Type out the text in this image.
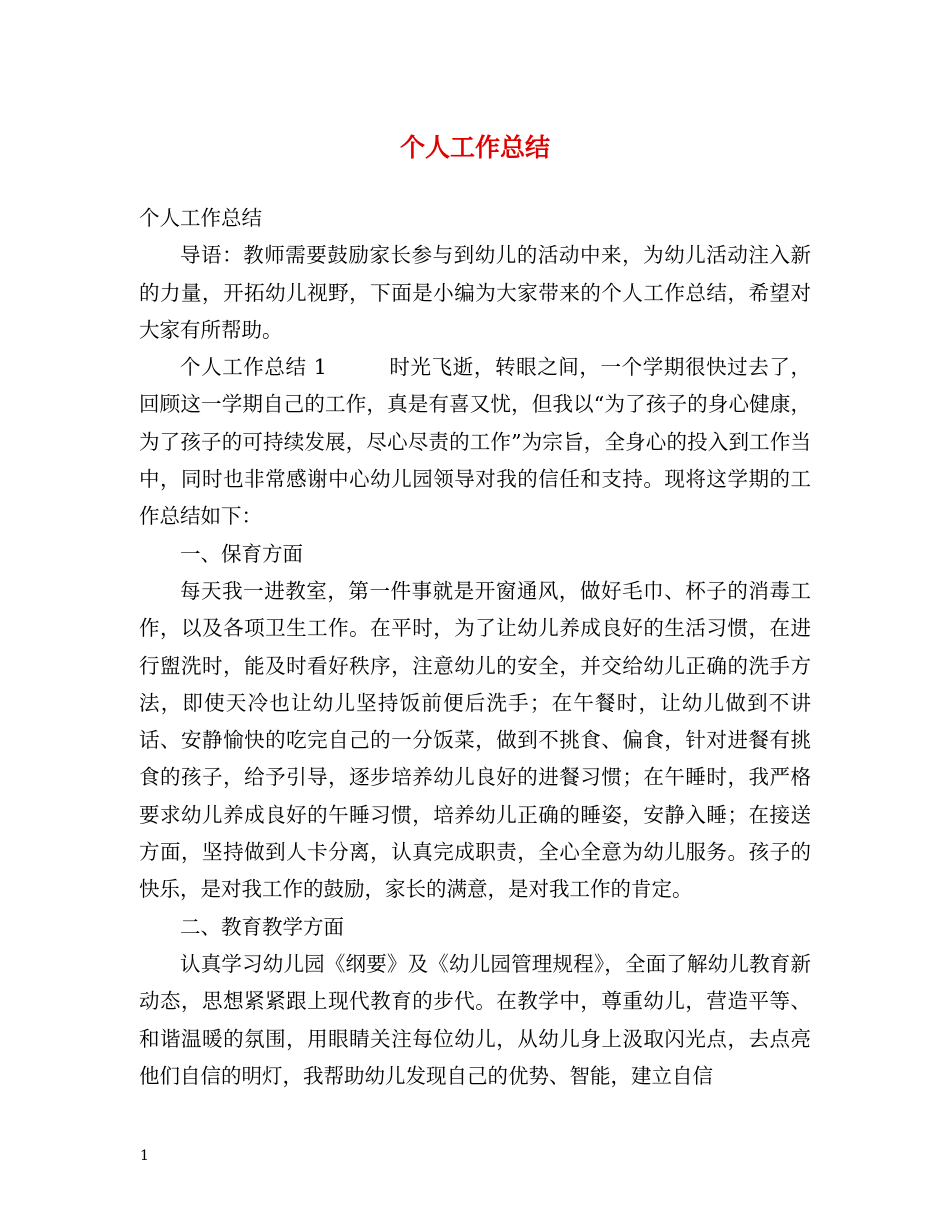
个人工作总结

个人工作总结

导语：教师需要鼓励家长参与到幼儿的活动中来，为幼儿活动注入新的力量，开拓幼儿视野，下面是小编为大家带来的个人工作总结，希望对大家有所帮助。

个人工作总结 1	时光飞逝，转眼之间，一个学期很快过去了，回顾这一学期自己的工作，真是有喜又忧，但我以“为了孩子的身心健康，为了孩子的可持续发展，尽心尽责的工作”为宗旨，全身心的投入到工作当中，同时也非常感谢中心幼儿园领导对我的信任和支持。现将这学期的工作总结如下：

一、保育方面

每天我一进教室，第一件事就是开窗通风，做好毛巾、杯子的消毒工作，以及各项卫生工作。在平时，为了让幼儿养成良好的生活习惯，在进行盥洗时，能及时看好秩序，注意幼儿的安全，并交给幼儿正确的洗手方法，即使天冷也让幼儿坚持饭前便后洗手；在午餐时，让幼儿做到不讲话、安静愉快的吃完自己的一分饭菜，做到不挑食、偏食，针对进餐有挑食的孩子，给予引导，逐步培养幼儿良好的进餐习惯；在午睡时，我严格要求幼儿养成良好的午睡习惯，培养幼儿正确的睡姿，安静入睡；在接送方面，坚持做到人卡分离，认真完成职责，全心全意为幼儿服务。孩子的快乐，是对我工作的鼓励，家长的满意，是对我工作的肯定。

二、教育教学方面

认真学习幼儿园《纲要》及《幼儿园管理规程》，全面了解幼儿教育新动态，思想紧紧跟上现代教育的步代。在教学中，尊重幼儿，营造平等、和谐温暖的氛围，用眼睛关注每位幼儿，从幼儿身上汲取闪光点，去点亮他们自信的明灯，我帮助幼儿发现自己的优势、智能，建立自信

1
